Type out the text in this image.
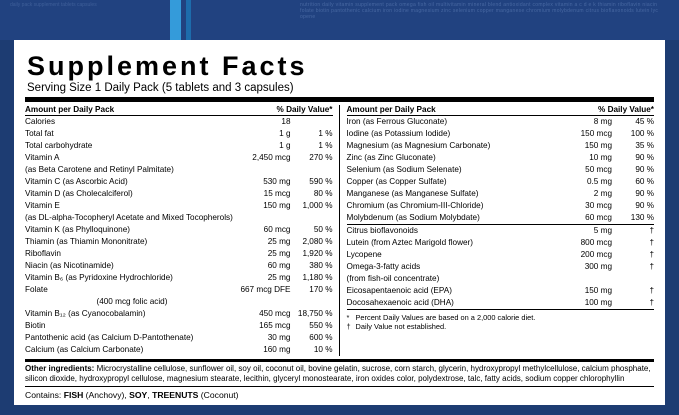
daily pack supplement tablets capsules	nutrition daily vitamin supplement pack omega fish oil multivitamin mineral blend antioxidant complex vitamin a c d e k thiamin riboflavin niacin folate biotin pantothenic calcium iron iodine magnesium zinc selenium copper manganese chromium molybdenum citrus bioflavonoids lutein lycopene
Supplement Facts
Serving Size 1 Daily Pack (5 tablets and 3 capsules)
Amount per Daily Pack	% Daily Value*
Calories	18	
Total fat	1 g	1 %
Total carbohydrate	1 g	1 %
Vitamin A	2,450 mcg	270 %
(as Beta Carotene and Retinyl Palmitate)		
Vitamin C (as Ascorbic Acid)	530 mg	590 %
Vitamin D (as Cholecalciferol)	15 mcg	80 %
Vitamin E	150 mg	1,000 %
(as DL-alpha-Tocopheryl Acetate and Mixed Tocopherols)		
Vitamin K (as Phylloquinone)	60 mcg	50 %
Thiamin (as Thiamin Mononitrate)	25 mg	2,080 %
Riboflavin	25 mg	1,920 %
Niacin (as Nicotinamide)	60 mg	380 %
Vitamin B₆ (as Pyridoxine Hydrochloride)	25 mg	1,180 %
Folate	667 mcg DFE	170 %
(400 mcg folic acid)		
Vitamin B₁₂ (as Cyanocobalamin)	450 mcg	18,750 %
Biotin	165 mcg	550 %
Pantothenic acid (as Calcium D-Pantothenate)	30 mg	600 %
Calcium (as Calcium Carbonate)	160 mg	10 %
Amount per Daily Pack	% Daily Value*
Iron (as Ferrous Gluconate)	8 mg	45 %
Iodine (as Potassium Iodide)	150 mcg	100 %
Magnesium (as Magnesium Carbonate)	150 mg	35 %
Zinc (as Zinc Gluconate)	10 mg	90 %
Selenium (as Sodium Selenate)	50 mcg	90 %
Copper (as Copper Sulfate)	0.5 mg	60 %
Manganese (as Manganese Sulfate)	2 mg	90 %
Chromium (as Chromium-III-Chloride)	30 mcg	90 %
Molybdenum (as Sodium Molybdate)	60 mcg	130 %
Citrus bioflavonoids	5 mg	†
Lutein (from Aztec Marigold flower)	800 mcg	†
Lycopene	200 mcg	†
Omega-3-fatty acids	300 mg	†
(from fish-oil concentrate)		
Eicosapentaenoic acid (EPA)	150 mg	†
Docosahexaenoic acid (DHA)	100 mg	†
* Percent Daily Values are based on a 2,000 calorie diet.
† Daily Value not established.
Other ingredients: Microcrystalline cellulose, sunflower oil, soy oil, coconut oil, bovine gelatin, sucrose, corn starch, glycerin, hydroxypropyl methylcellulose, calcium phosphate, silicon dioxide, hydroxypropyl cellulose, magnesium stearate, lecithin, glyceryl monostearate, iron oxides color, polydextrose, talc, fatty acids, sodium copper chlorophyllin
Contains: FISH (Anchovy), SOY, TREENUTS (Coconut)
